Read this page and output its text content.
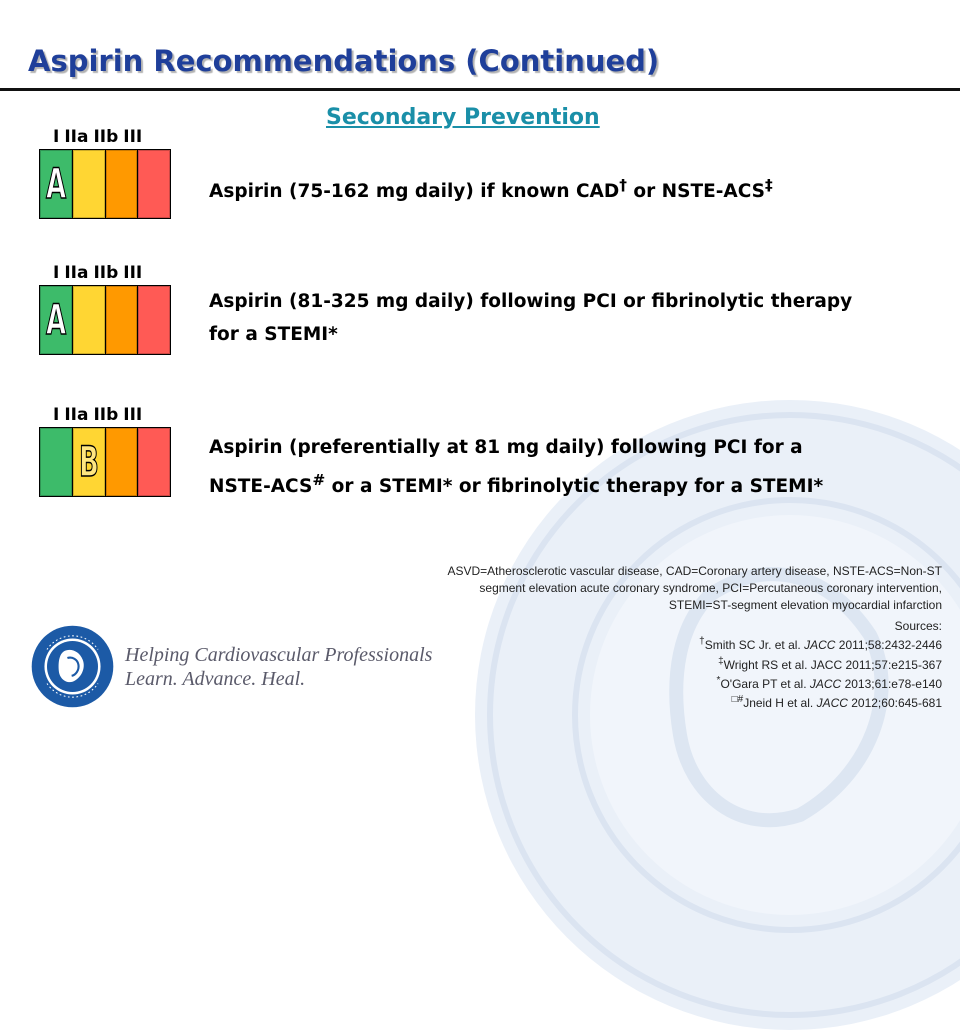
Aspirin Recommendations (Continued)
Secondary Prevention
I IIa IIb III
A	Aspirin (75-162 mg daily) if known CAD† or NSTE-ACS‡
I IIa IIb III
A	Aspirin (81-325 mg daily) following PCI or fibrinolytic therapy
for a STEMI*
I IIa IIb III
B	Aspirin (preferentially at 81 mg daily) following PCI for a
NSTE-ACS# or a STEMI* or fibrinolytic therapy for a STEMI*
ASVD=Atherosclerotic vascular disease, CAD=Coronary artery disease, NSTE-ACS=Non-ST segment elevation acute coronary syndrome, PCI=Percutaneous coronary intervention, STEMI=ST-segment elevation myocardial infarction
Sources:
†Smith SC Jr. et al. JACC 2011;58:2432-2446
‡Wright RS et al. JACC 2011;57:e215-367
*O'Gara PT et al. JACC 2013;61:e78-e140
□#Jneid H et al. JACC 2012;60:645-681
Helping Cardiovascular Professionals
Learn. Advance. Heal.
